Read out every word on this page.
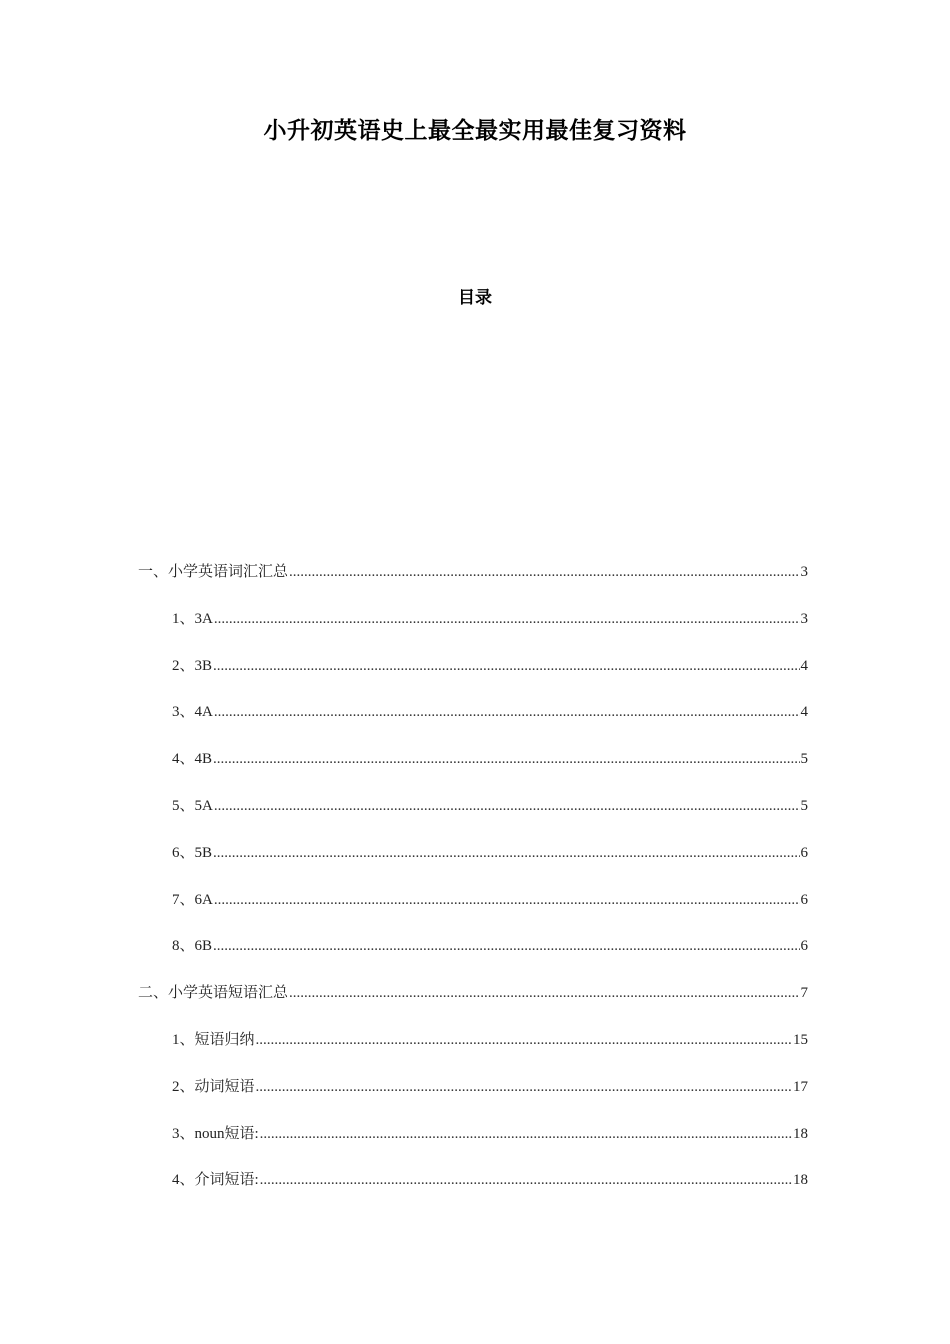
小升初英语史上最全最实用最佳复习资料
目录
一、小学英语词汇汇总 .....	3
1、3A .....	3
2、3B .....	4
3、4A .....	4
4、4B .....	5
5、5A .....	5
6、5B .....	6
7、6A .....	6
8、6B .....	6
二、小学英语短语汇总 .....	7
1、短语归纳 .....	15
2、动词短语 .....	17
3、noun短语: .....	18
4、介词短语: .....	18
